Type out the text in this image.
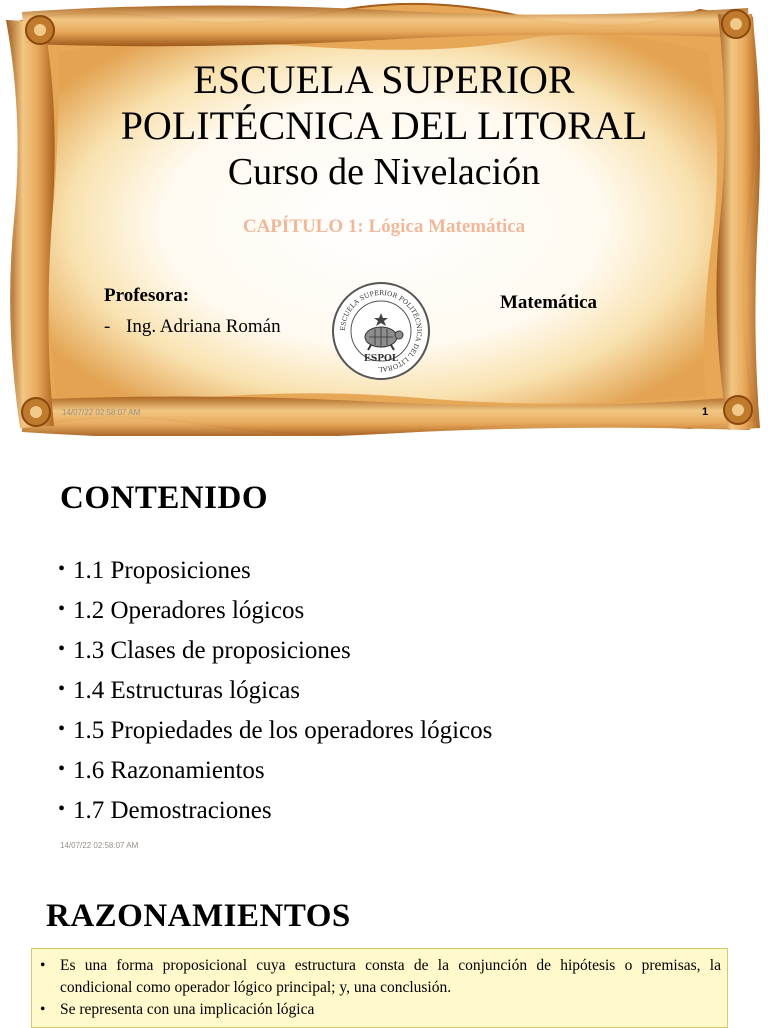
ESCUELA SUPERIOR
POLITÉCNICA DEL LITORAL
Curso de Nivelación
CAPÍTULO 1: Lógica Matemática
Profesora:
- Ing. Adriana Román
Matemática
ESCUELA SUPERIOR POLITÉCNICA DEL LITORAL
ESPOL
14/07/22 02:58:07 AM	1
CONTENIDO
• 1.1 Proposiciones
• 1.2 Operadores lógicos
• 1.3 Clases de proposiciones
• 1.4 Estructuras lógicas
• 1.5 Propiedades de los operadores lógicos
• 1.6 Razonamientos
• 1.7 Demostraciones
14/07/22 02:58:07 AM
RAZONAMIENTOS
• Es una forma proposicional cuya estructura consta de la conjunción de hipótesis o premisas, la condicional como operador lógico principal; y, una conclusión.
• Se representa con una implicación lógica
